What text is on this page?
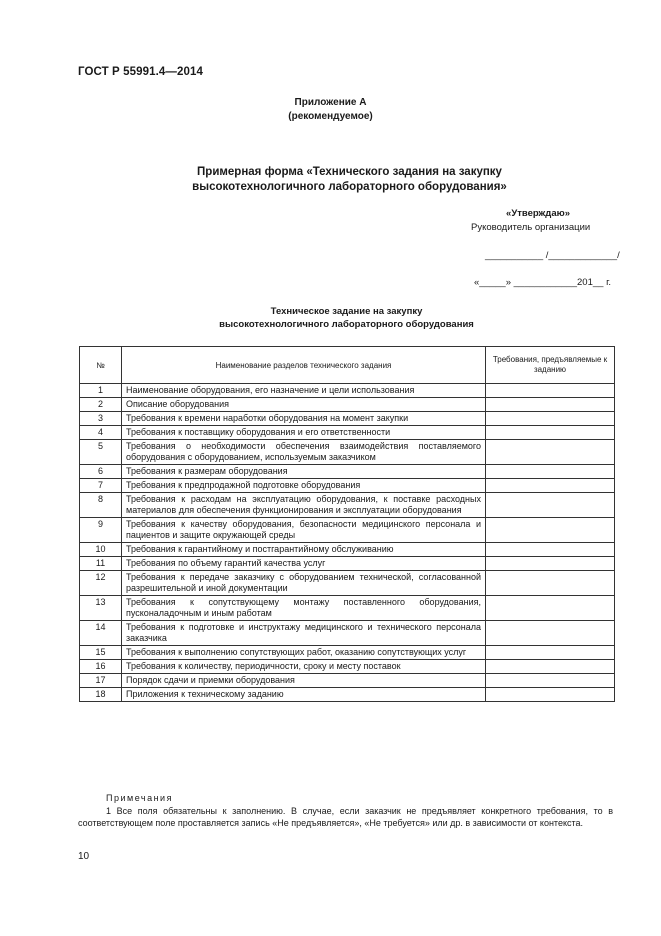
ГОСТ Р 55991.4—2014
Приложение А
(рекомендуемое)
Примерная форма «Технического задания на закупку
высокотехнологичного лабораторного оборудования»
«Утверждаю»
Руководитель организации
___________ /_____________/
«_____» ____________201__ г.
Техническое задание на закупку
высокотехнологичного лабораторного оборудования
№	Наименование разделов технического задания	Требования, предъявляемые к заданию
1	Наименование оборудования, его назначение и цели использования	
2	Описание оборудования	
3	Требования к времени наработки оборудования на момент закупки	
4	Требования к поставщику оборудования и его ответственности	
5	Требования о необходимости обеспечения взаимодействия поставляемого оборудования с оборудованием, используемым заказчиком	
6	Требования к размерам оборудования	
7	Требования к предпродажной подготовке оборудования	
8	Требования к расходам на эксплуатацию оборудования, к поставке расходных материалов для обеспечения функционирования и эксплуатации оборудования	
9	Требования к качеству оборудования, безопасности медицинского персонала и пациентов и защите окружающей среды	
10	Требования к гарантийному и постгарантийному обслуживанию	
11	Требования по объему гарантий качества услуг	
12	Требования к передаче заказчику с оборудованием технической, согласованной разрешительной и иной документации	
13	Требования к сопутствующему монтажу поставленного оборудования, пусконаладочным и иным работам	
14	Требования к подготовке и инструктажу медицинского и технического персонала заказчика	
15	Требования к выполнению сопутствующих работ, оказанию сопутствующих услуг	
16	Требования к количеству, периодичности, сроку и месту поставок	
17	Порядок сдачи и приемки оборудования	
18	Приложения к техническому заданию	
Примечания
1 Все поля обязательны к заполнению. В случае, если заказчик не предъявляет конкретного требования, то в соответствующем поле проставляется запись «Не предъявляется», «Не требуется» или др. в зависимости от контекста.
10
